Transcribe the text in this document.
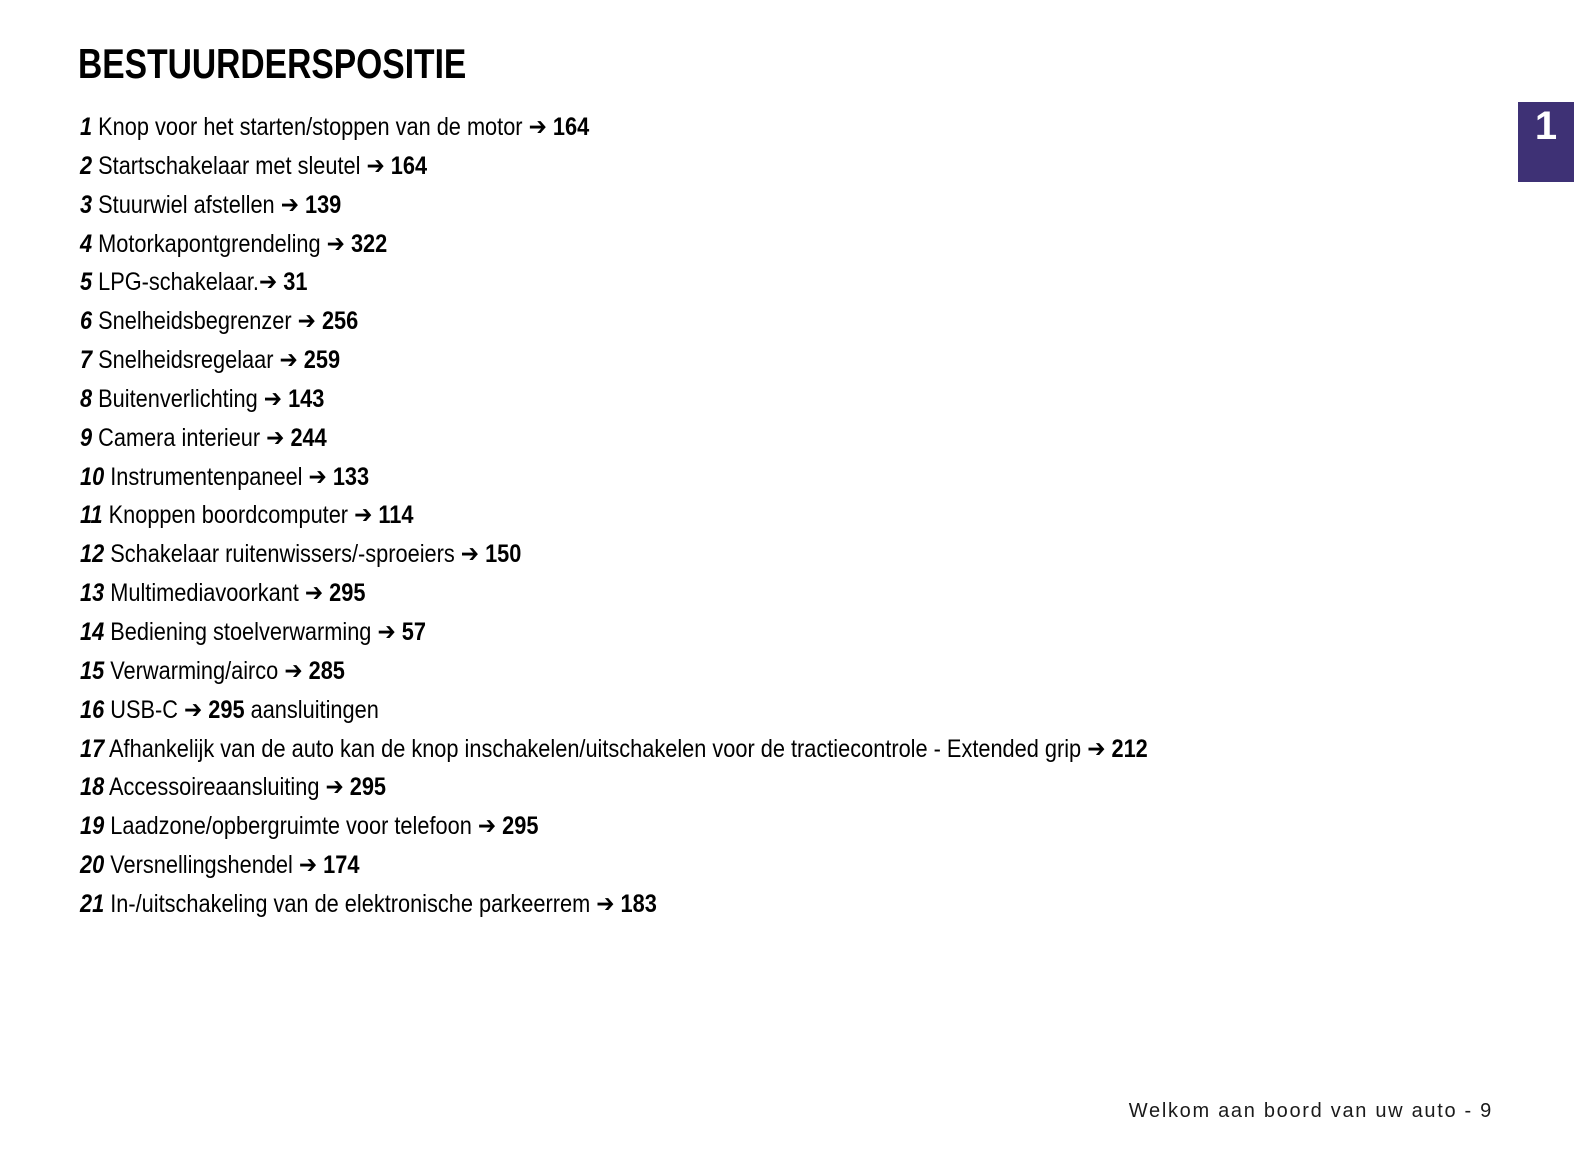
BESTUURDERSPOSITIE
1 Knop voor het starten/stoppen van de motor ➔ 164
2 Startschakelaar met sleutel ➔ 164
3 Stuurwiel afstellen ➔ 139
4 Motorkapontgrendeling ➔ 322
5 LPG-schakelaar.➔ 31
6 Snelheidsbegrenzer ➔ 256
7 Snelheidsregelaar ➔ 259
8 Buitenverlichting ➔ 143
9 Camera interieur ➔ 244
10 Instrumentenpaneel ➔ 133
11 Knoppen boordcomputer ➔ 114
12 Schakelaar ruitenwissers/-sproeiers ➔ 150
13 Multimediavoorkant ➔ 295
14 Bediening stoelverwarming ➔ 57
15 Verwarming/airco ➔ 285
16 USB-C ➔ 295 aansluitingen
17 Afhankelijk van de auto kan de knop inschakelen/uitschakelen voor de tractiecontrole - Extended grip ➔ 212
18 Accessoireaansluiting ➔ 295
19 Laadzone/opbergruimte voor telefoon ➔ 295
20 Versnellingshendel ➔ 174
21 In-/uitschakeling van de elektronische parkeerrem ➔ 183
1
Welkom aan boord van uw auto - 9
